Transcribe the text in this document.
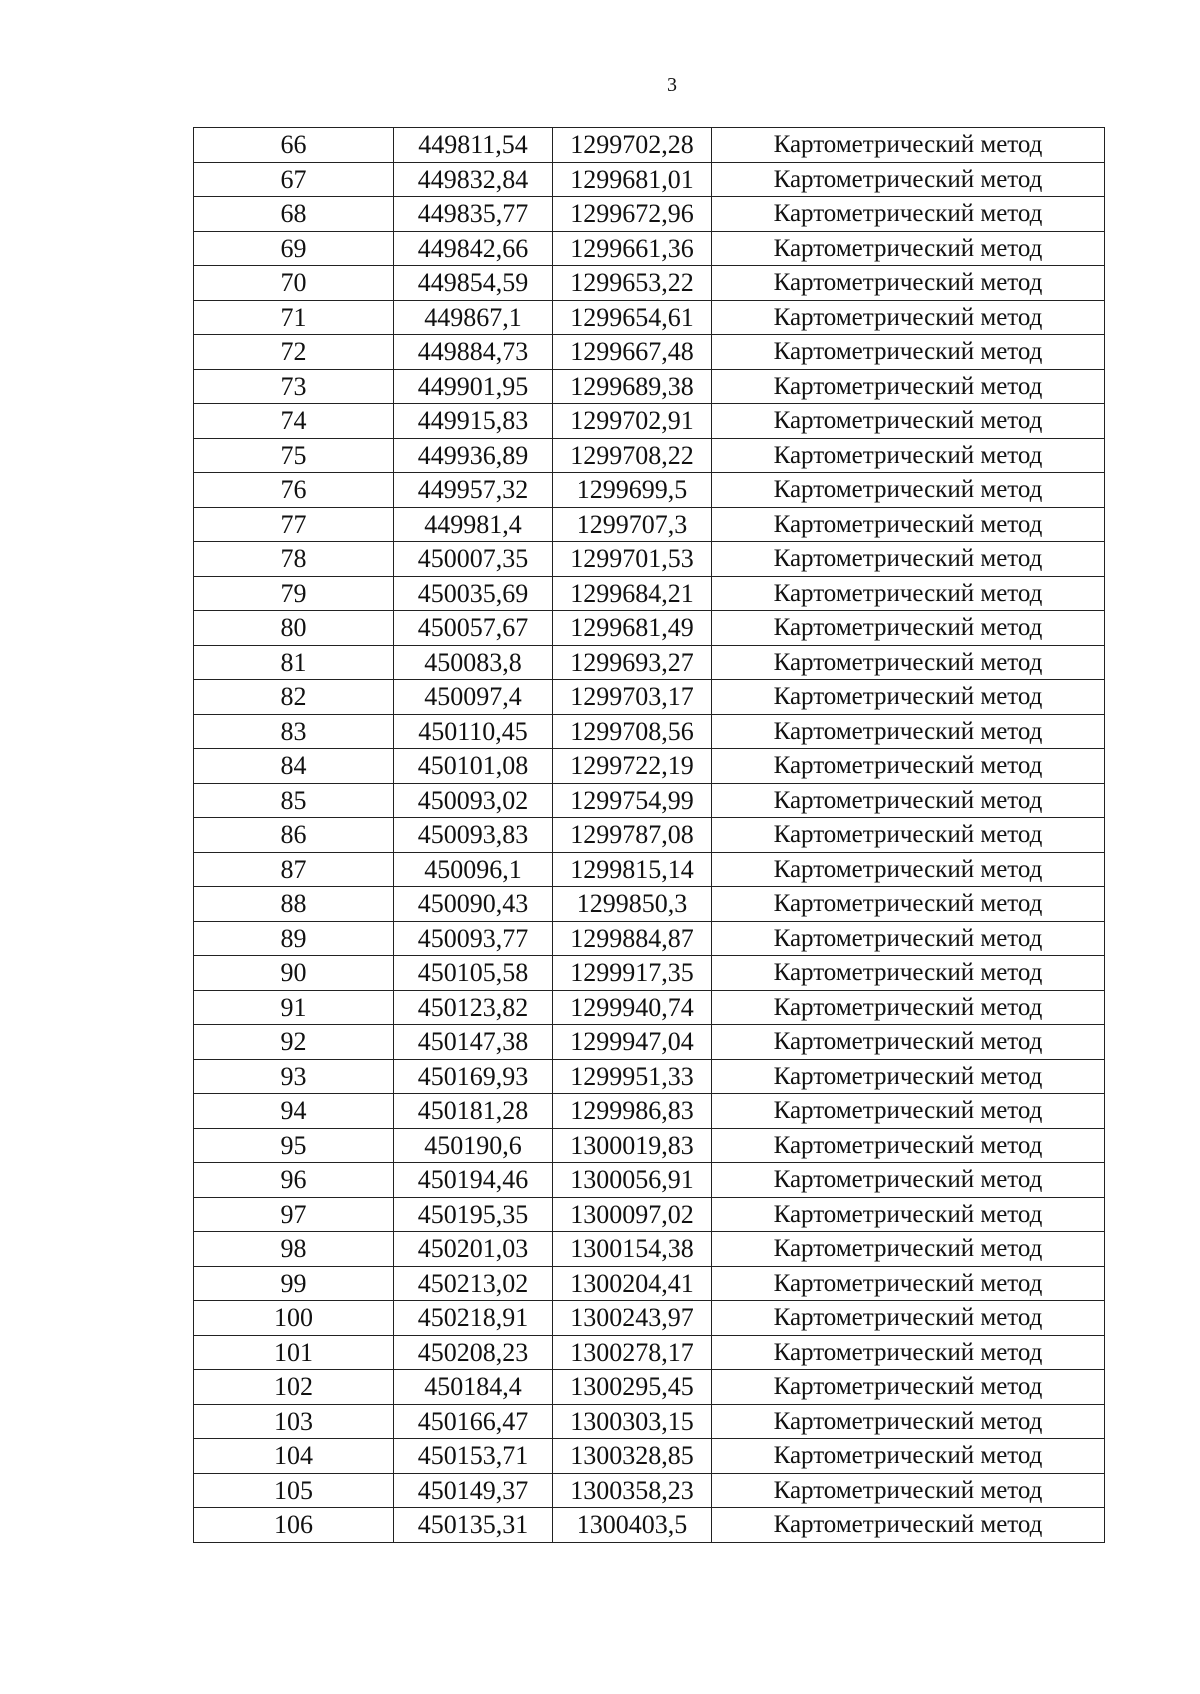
3
66	449811,54	1299702,28	Картометрический метод
67	449832,84	1299681,01	Картометрический метод
68	449835,77	1299672,96	Картометрический метод
69	449842,66	1299661,36	Картометрический метод
70	449854,59	1299653,22	Картометрический метод
71	449867,1	1299654,61	Картометрический метод
72	449884,73	1299667,48	Картометрический метод
73	449901,95	1299689,38	Картометрический метод
74	449915,83	1299702,91	Картометрический метод
75	449936,89	1299708,22	Картометрический метод
76	449957,32	1299699,5	Картометрический метод
77	449981,4	1299707,3	Картометрический метод
78	450007,35	1299701,53	Картометрический метод
79	450035,69	1299684,21	Картометрический метод
80	450057,67	1299681,49	Картометрический метод
81	450083,8	1299693,27	Картометрический метод
82	450097,4	1299703,17	Картометрический метод
83	450110,45	1299708,56	Картометрический метод
84	450101,08	1299722,19	Картометрический метод
85	450093,02	1299754,99	Картометрический метод
86	450093,83	1299787,08	Картометрический метод
87	450096,1	1299815,14	Картометрический метод
88	450090,43	1299850,3	Картометрический метод
89	450093,77	1299884,87	Картометрический метод
90	450105,58	1299917,35	Картометрический метод
91	450123,82	1299940,74	Картометрический метод
92	450147,38	1299947,04	Картометрический метод
93	450169,93	1299951,33	Картометрический метод
94	450181,28	1299986,83	Картометрический метод
95	450190,6	1300019,83	Картометрический метод
96	450194,46	1300056,91	Картометрический метод
97	450195,35	1300097,02	Картометрический метод
98	450201,03	1300154,38	Картометрический метод
99	450213,02	1300204,41	Картометрический метод
100	450218,91	1300243,97	Картометрический метод
101	450208,23	1300278,17	Картометрический метод
102	450184,4	1300295,45	Картометрический метод
103	450166,47	1300303,15	Картометрический метод
104	450153,71	1300328,85	Картометрический метод
105	450149,37	1300358,23	Картометрический метод
106	450135,31	1300403,5	Картометрический метод
